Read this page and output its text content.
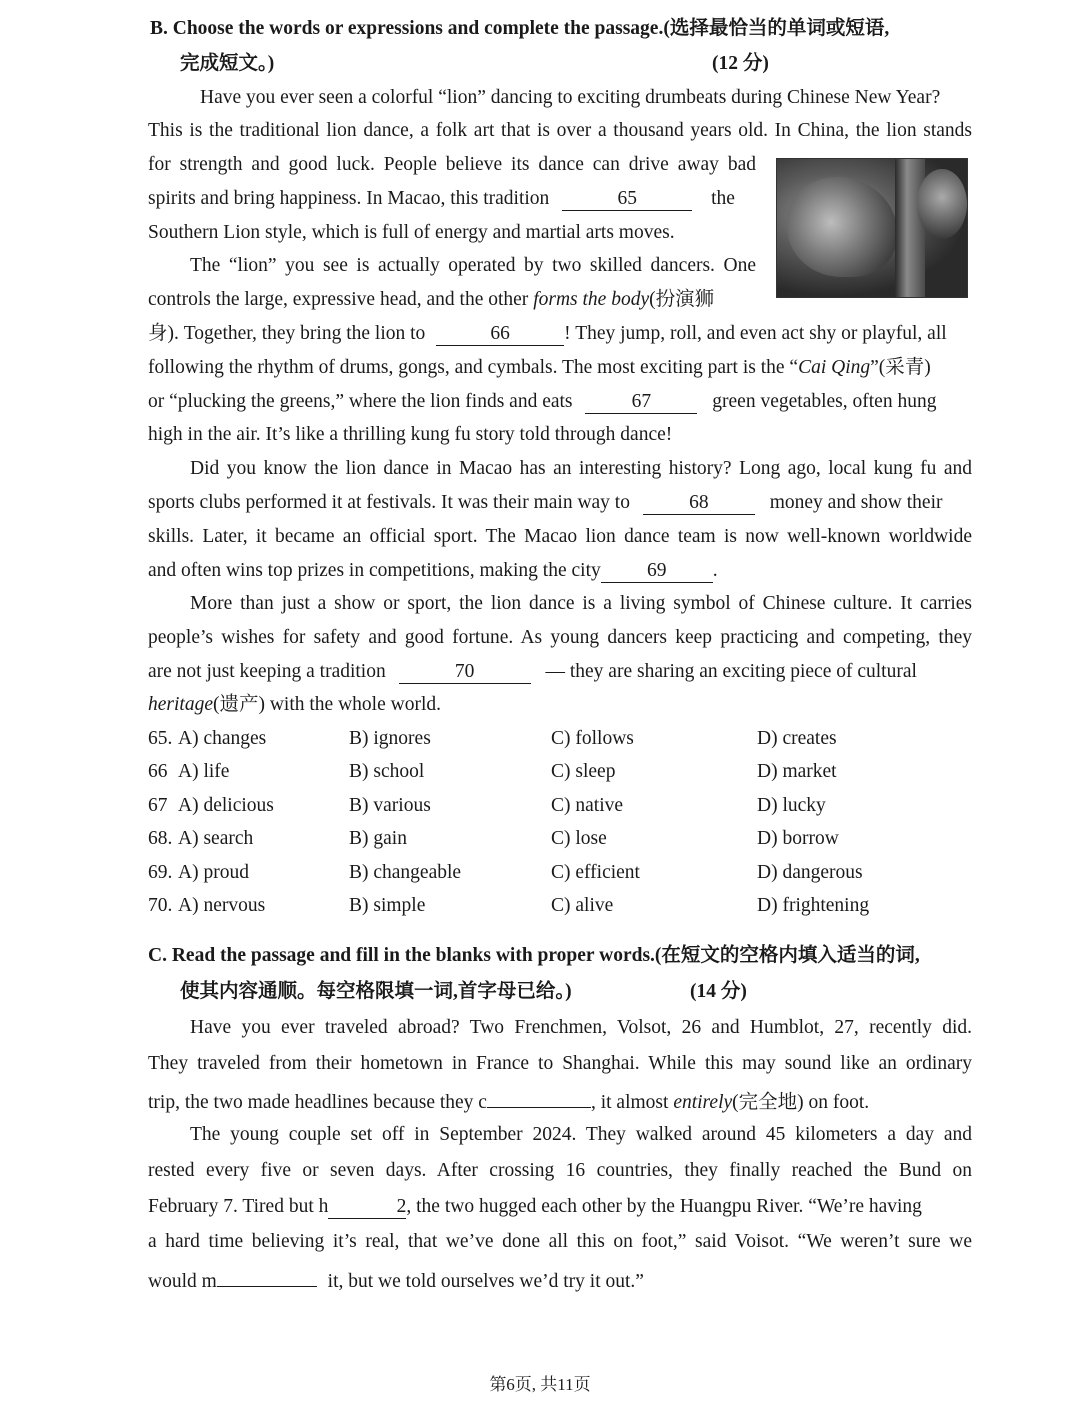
B. Choose the words or expressions and complete the passage.(选择最恰当的单词或短语,
完成短文。)	(12 分)
Have you ever seen a colorful “lion” dancing to exciting drumbeats during Chinese New Year?
This is the traditional lion dance, a folk art that is over a thousand years old. In China, the lion stands
for strength and good luck. People believe its dance can drive away bad
spirits and bring happiness. In Macao, this tradition	65	the
Southern Lion style, which is full of energy and martial arts moves.
The “lion” you see is actually operated by two skilled dancers. One
controls the large, expressive head, and the other forms the body(扮演狮
身). Together, they bring the lion to	66	! They jump, roll, and even act shy or playful, all
following the rhythm of drums, gongs, and cymbals. The most exciting part is the “Cai Qing”(采青)
or “plucking the greens,” where the lion finds and eats	67	green vegetables, often hung
high in the air. It’s like a thrilling kung fu story told through dance!
Did you know the lion dance in Macao has an interesting history? Long ago, local kung fu and
sports clubs performed it at festivals. It was their main way to	68	money and show their
skills. Later, it became an official sport. The Macao lion dance team is now well-known worldwide
and often wins top prizes in competitions, making the city 69 .
More than just a show or sport, the lion dance is a living symbol of Chinese culture. It carries
people’s wishes for safety and good fortune. As young dancers keep practicing and competing, they
are not just keeping a tradition	70	— they are sharing an exciting piece of cultural
heritage(遗产) with the whole world.
65. A) changes	B) ignores	C) follows	D) creates
66 A) life	B) school	C) sleep	D) market
67 A) delicious	B) various	C) native	D) lucky
68. A) search	B) gain	C) lose	D) borrow
69. A) proud	B) changeable	C) efficient	D) dangerous
70. A) nervous	B) simple	C) alive	D) frightening
C. Read the passage and fill in the blanks with proper words.(在短文的空格内填入适当的词,
使其内容通顺。每空格限填一词,首字母已给。)	(14 分)
Have you ever traveled abroad? Two Frenchmen, Volsot, 26 and Humblot, 27, recently did.
They traveled from their hometown in France to Shanghai. While this may sound like an ordinary
trip, the two made headlines because they c	, it almost entirely(完全地) on foot.
The young couple set off in September 2024. They walked around 45 kilometers a day and
rested every five or seven days. After crossing 16 countries, they finally reached the Bund on
February 7. Tired but h	2, the two hugged each other by the Huangpu River. “We’re having
a hard time believing it’s real, that we’ve done all this on foot,” said Voisot. “We weren’t sure we
would m	it, but we told ourselves we’d try it out.”
第6页, 共11页
